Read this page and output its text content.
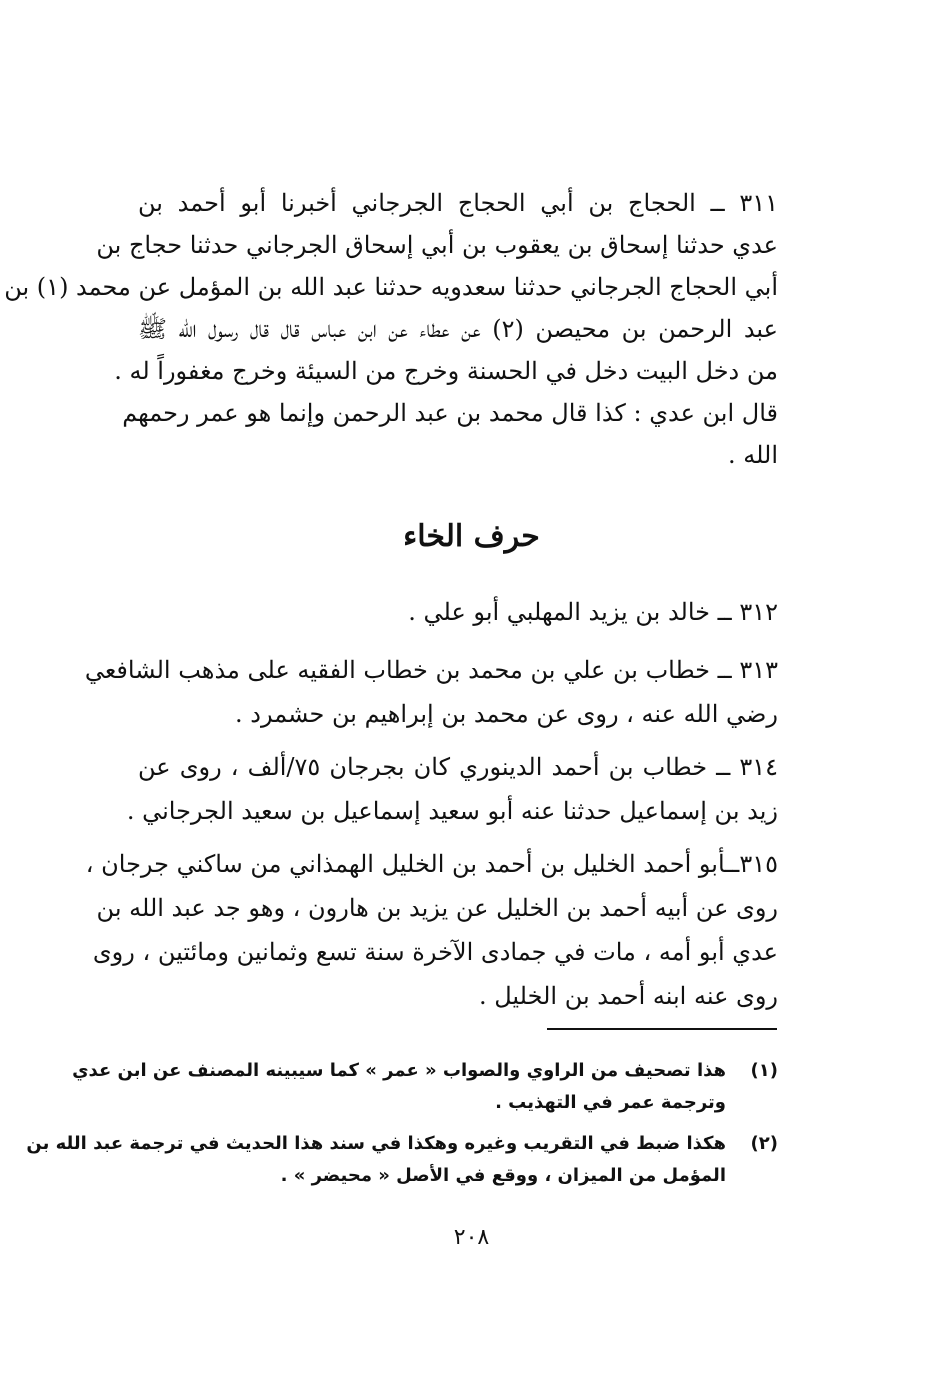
٣١١ ــ الحجاج بن أبي الحجاج الجرجاني أخبرنا أبو أحمد بن
عدي حدثنا إسحاق بن يعقوب بن أبي إسحاق الجرجاني حدثنا حجاج بن
أبي الحجاج الجرجاني حدثنا سعدويه حدثنا عبد الله بن المؤمل عن محمد (١) بن
عبد الرحمن بن محيصن (٢) عن عطاء عن ابن عباس قال قال رسول الله ﷺ
من دخل البيت دخل في الحسنة وخرج من السيئة وخرج مغفوراً له .
قال ابن عدي : كذا قال محمد بن عبد الرحمن وإنما هو عمر رحمهم
الله .
حرف الخاء
٣١٢ ــ خالد بن يزيد المهلبي أبو علي .
٣١٣ ــ خطاب بن علي بن محمد بن خطاب الفقيه على مذهب الشافعي
رضي الله عنه ، روى عن محمد بن إبراهيم بن حشمرد .
٣١٤ ــ خطاب بن أحمد الدينوري كان بجرجان ٧٥/ألف ، روى عن
زيد بن إسماعيل حدثنا عنه أبو سعيد إسماعيل بن سعيد الجرجاني .
٣١٥ــأبو أحمد الخليل بن أحمد بن الخليل الهمذاني من ساكني جرجان ،
روى عن أبيه أحمد بن الخليل عن يزيد بن هارون ، وهو جد عبد الله بن
عدي أبو أمه ، مات في جمادى الآخرة سنة تسع وثمانين ومائتين ، روى
روى عنه ابنه أحمد بن الخليل .
(١)
هذا تصحيف من الراوي والصواب « عمر » كما سيبينه المصنف عن ابن عدي
وترجمة عمر في التهذيب .
(٢)
هكذا ضبط في التقريب وغيره وهكذا في سند هذا الحديث في ترجمة عبد الله بن
المؤمل من الميزان ، ووقع في الأصل « محيضر » .
٢٠٨
